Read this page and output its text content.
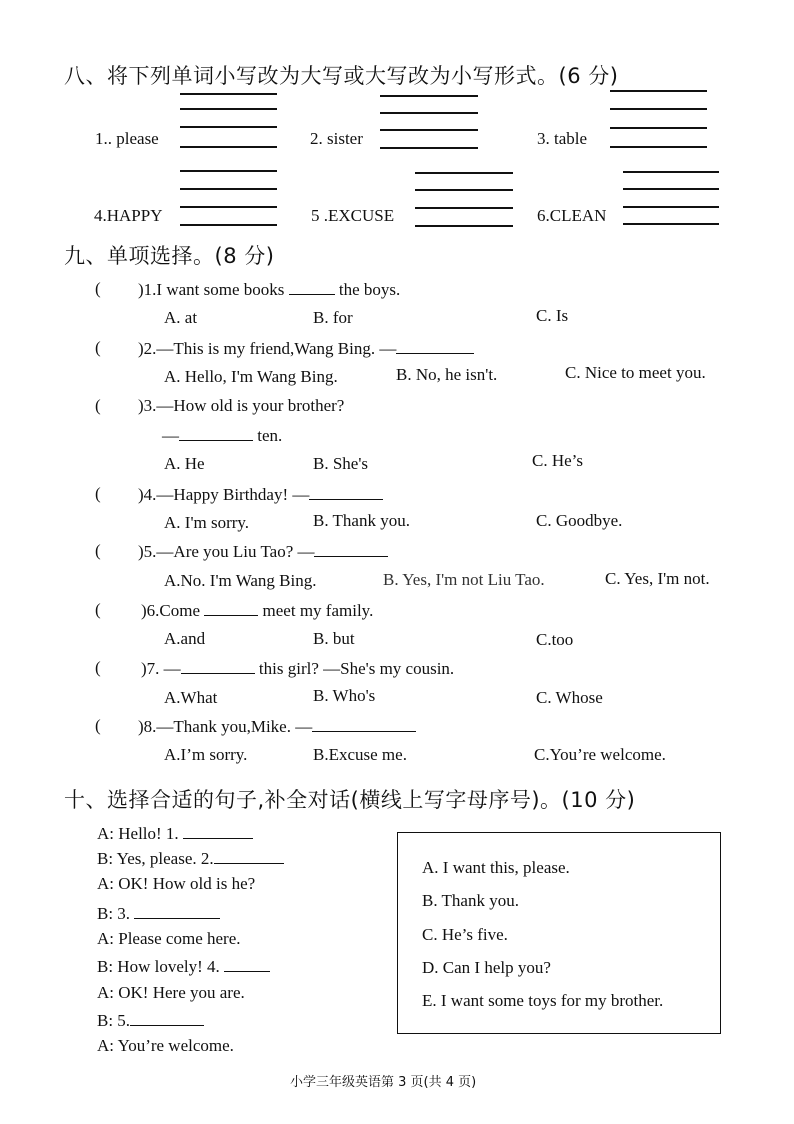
八、将下列单词小写改为大写或大写改为小写形式。(6 分)
1.. please	2. sister	3. table
4.HAPPY	5 .EXCUSE	6.CLEAN
九、单项选择。(8 分)
( )1.I want some books	the boys.
A. at	B. for	C. Is
( )2.—This is my friend,Wang Bing. —
A. Hello, I'm Wang Bing.	B. No, he isn't.	C. Nice to meet you.
( )3.—How old is your brother?
—	ten.
A. He	B. She's	C. He’s
( )4.—Happy Birthday! —
A. I'm sorry.	B. Thank you.	C. Goodbye.
( )5.—Are you Liu Tao? —
A.No. I'm Wang Bing.	B. Yes, I'm not Liu Tao.	C. Yes, I'm not.
( )6.Come	meet my family.
A.and	B. but	C.too
( )7. —	this girl? —She's my cousin.
A.What	B. Who's	C. Whose
( )8.—Thank you,Mike. —
A.I’m sorry.	B.Excuse me.	C.You’re welcome.
十、选择合适的句子,补全对话(横线上写字母序号)。(10 分)
A: Hello! 1.
B: Yes, please. 2.
A: OK! How old is he?
B: 3.
A: Please come here.
B: How lovely! 4.
A: OK! Here you are.
B: 5.
A: You’re welcome.
A. I want this, please.
B. Thank you.
C. He’s five.
D. Can I help you?
E. I want some toys for my brother.
小学三年级英语第 3 页(共 4 页)
